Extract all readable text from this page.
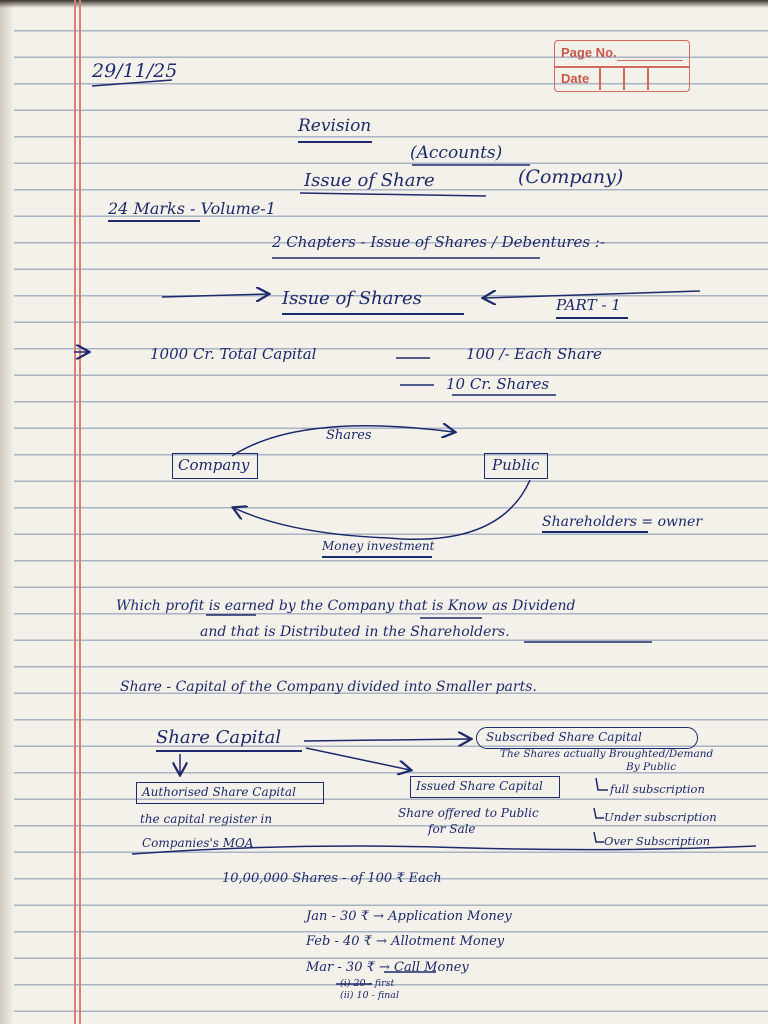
Page No.
Date
29/11/25
Revision
(Accounts)
Issue of Share	(Company)
24 Marks - Volume-1
2 Chapters - Issue of Shares / Debentures :-
Issue of Shares	PART - 1
1000 Cr. Total Capital	100 /- Each Share
10 Cr. Shares
Shares
Company	Public
Money investment
Shareholders = owner
Which profit is earned by the Company that is Know as Dividend
and that is Distributed in the Shareholders.
Share - Capital of the Company divided into Smaller parts.
Share Capital	Subscribed Share Capital
The Shares actually Broughted/Demand
By Public
Authorised Share Capital
the capital register in
Companies's MOA
Issued Share Capital
Share offered to Public
for Sale
full subscription
Under subscription
Over Subscription
10,00,000 Shares - of 100 ₹ Each
Jan - 30 ₹ → Application Money
Feb - 40 ₹ → Allotment Money
Mar - 30 ₹ → Call Money
(i) 20 - first
(ii) 10 - final
